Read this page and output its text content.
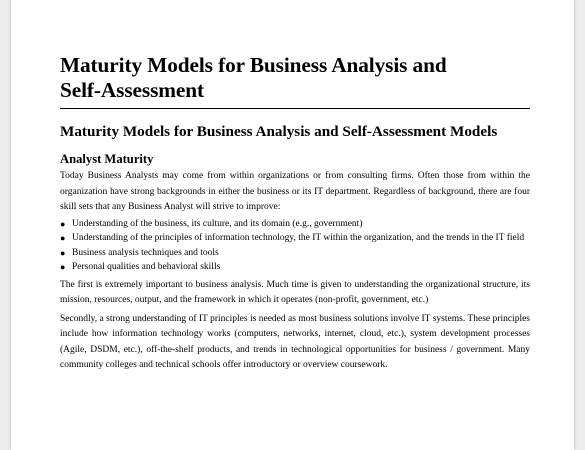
Maturity Models for Business Analysis and
Self-Assessment
Maturity Models for Business Analysis and Self-Assessment Models
Analyst Maturity

Today Business Analysts may come from within organizations or from consulting firms. Often those from within the organization have strong backgrounds in either the business or its IT department. Regardless of background, there are four skill sets that any Business Analyst will strive to improve:

● Understanding of the business, its culture, and its domain (e.g., government)
● Understanding of the principles of information technology, the IT within the organization, and the trends in the IT field
● Business analysis techniques and tools
● Personal qualities and behavioral skills

The first is extremely important to business analysis. Much time is given to understanding the organizational structure, its mission, resources, output, and the framework in which it operates (non-profit, government, etc.)

Secondly, a strong understanding of IT principles is needed as most business solutions involve IT systems. These principles include how information technology works (computers, networks, internet, cloud, etc.), system development processes (Agile, DSDM, etc.), off-the-shelf products, and trends in technological opportunities for business / government. Many community colleges and technical schools offer introductory or overview coursework.
